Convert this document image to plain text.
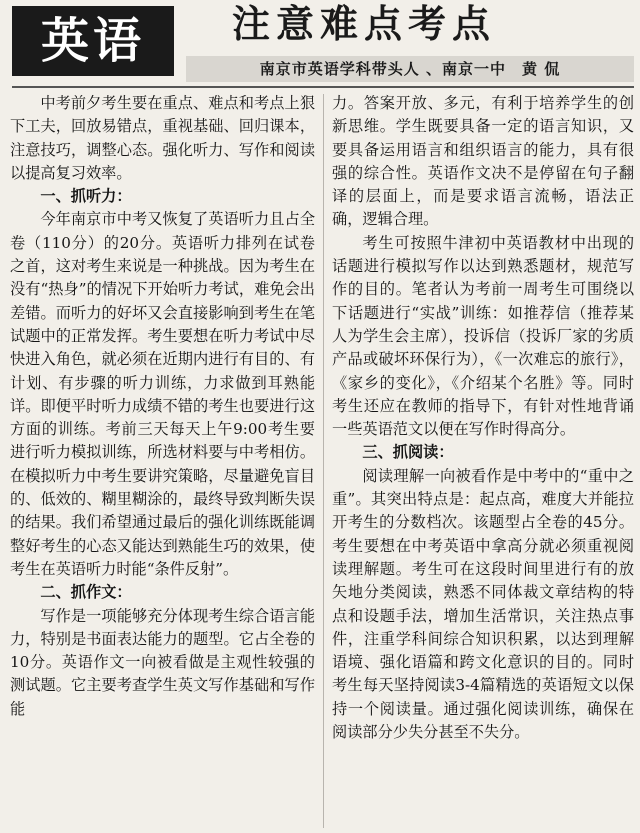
英语	注意难点考点
南京市英语学科带头人 、南京一中　黄 侃

中考前夕考生要在重点、难点和考点上狠下工夫，回放易错点，重视基础、回归课本，注意技巧，调整心态。强化听力、写作和阅读以提高复习效率。

一、抓听力：

今年南京市中考又恢复了英语听力且占全卷（110分）的20分。英语听力排列在试卷之首，这对考生来说是一种挑战。因为考生在没有“热身”的情况下开始听力考试，难免会出差错。而听力的好坏又会直接影响到考生在笔试题中的正常发挥。考生要想在听力考试中尽快进入角色，就必须在近期内进行有目的、有计划、有步骤的听力训练，力求做到耳熟能详。即便平时听力成绩不错的考生也要进行这方面的训练。考前三天每天上午9:00考生要进行听力模拟训练，所选材料要与中考相仿。在模拟听力中考生要讲究策略，尽量避免盲目的、低效的、糊里糊涂的，最终导致判断失误的结果。我们希望通过最后的强化训练既能调整好考生的心态又能达到熟能生巧的效果，使考生在英语听力时能“条件反射”。

二、抓作文：

写作是一项能够充分体现考生综合语言能力，特别是书面表达能力的题型。它占全卷的10分。英语作文一向被看做是主观性较强的测试题。它主要考查学生英文写作基础和写作能

力。答案开放、多元，有利于培养学生的创新思维。学生既要具备一定的语言知识，又要具备运用语言和组织语言的能力，具有很强的综合性。英语作文决不是停留在句子翻译的层面上，而是要求语言流畅，语法正确，逻辑合理。

考生可按照牛津初中英语教材中出现的话题进行模拟写作以达到熟悉题材，规范写作的目的。笔者认为考前一周考生可围绕以下话题进行“实战”训练：如推荐信（推荐某人为学生会主席），投诉信（投诉厂家的劣质产品或破坏环保行为），《一次难忘的旅行》，《家乡的变化》，《介绍某个名胜》等。同时考生还应在教师的指导下，有针对性地背诵一些英语范文以便在写作时得高分。

三、抓阅读：

阅读理解一向被看作是中考中的“重中之重”。其突出特点是：起点高，难度大并能拉开考生的分数档次。该题型占全卷的45分。考生要想在中考英语中拿高分就必须重视阅读理解题。考生可在这段时间里进行有的放矢地分类阅读，熟悉不同体裁文章结构的特点和设题手法，增加生活常识，关注热点事件，注重学科间综合知识积累，以达到理解语境、强化语篇和跨文化意识的目的。同时考生每天坚持阅读3-4篇精选的英语短文以保持一个阅读量。通过强化阅读训练，确保在阅读部分少失分甚至不失分。
